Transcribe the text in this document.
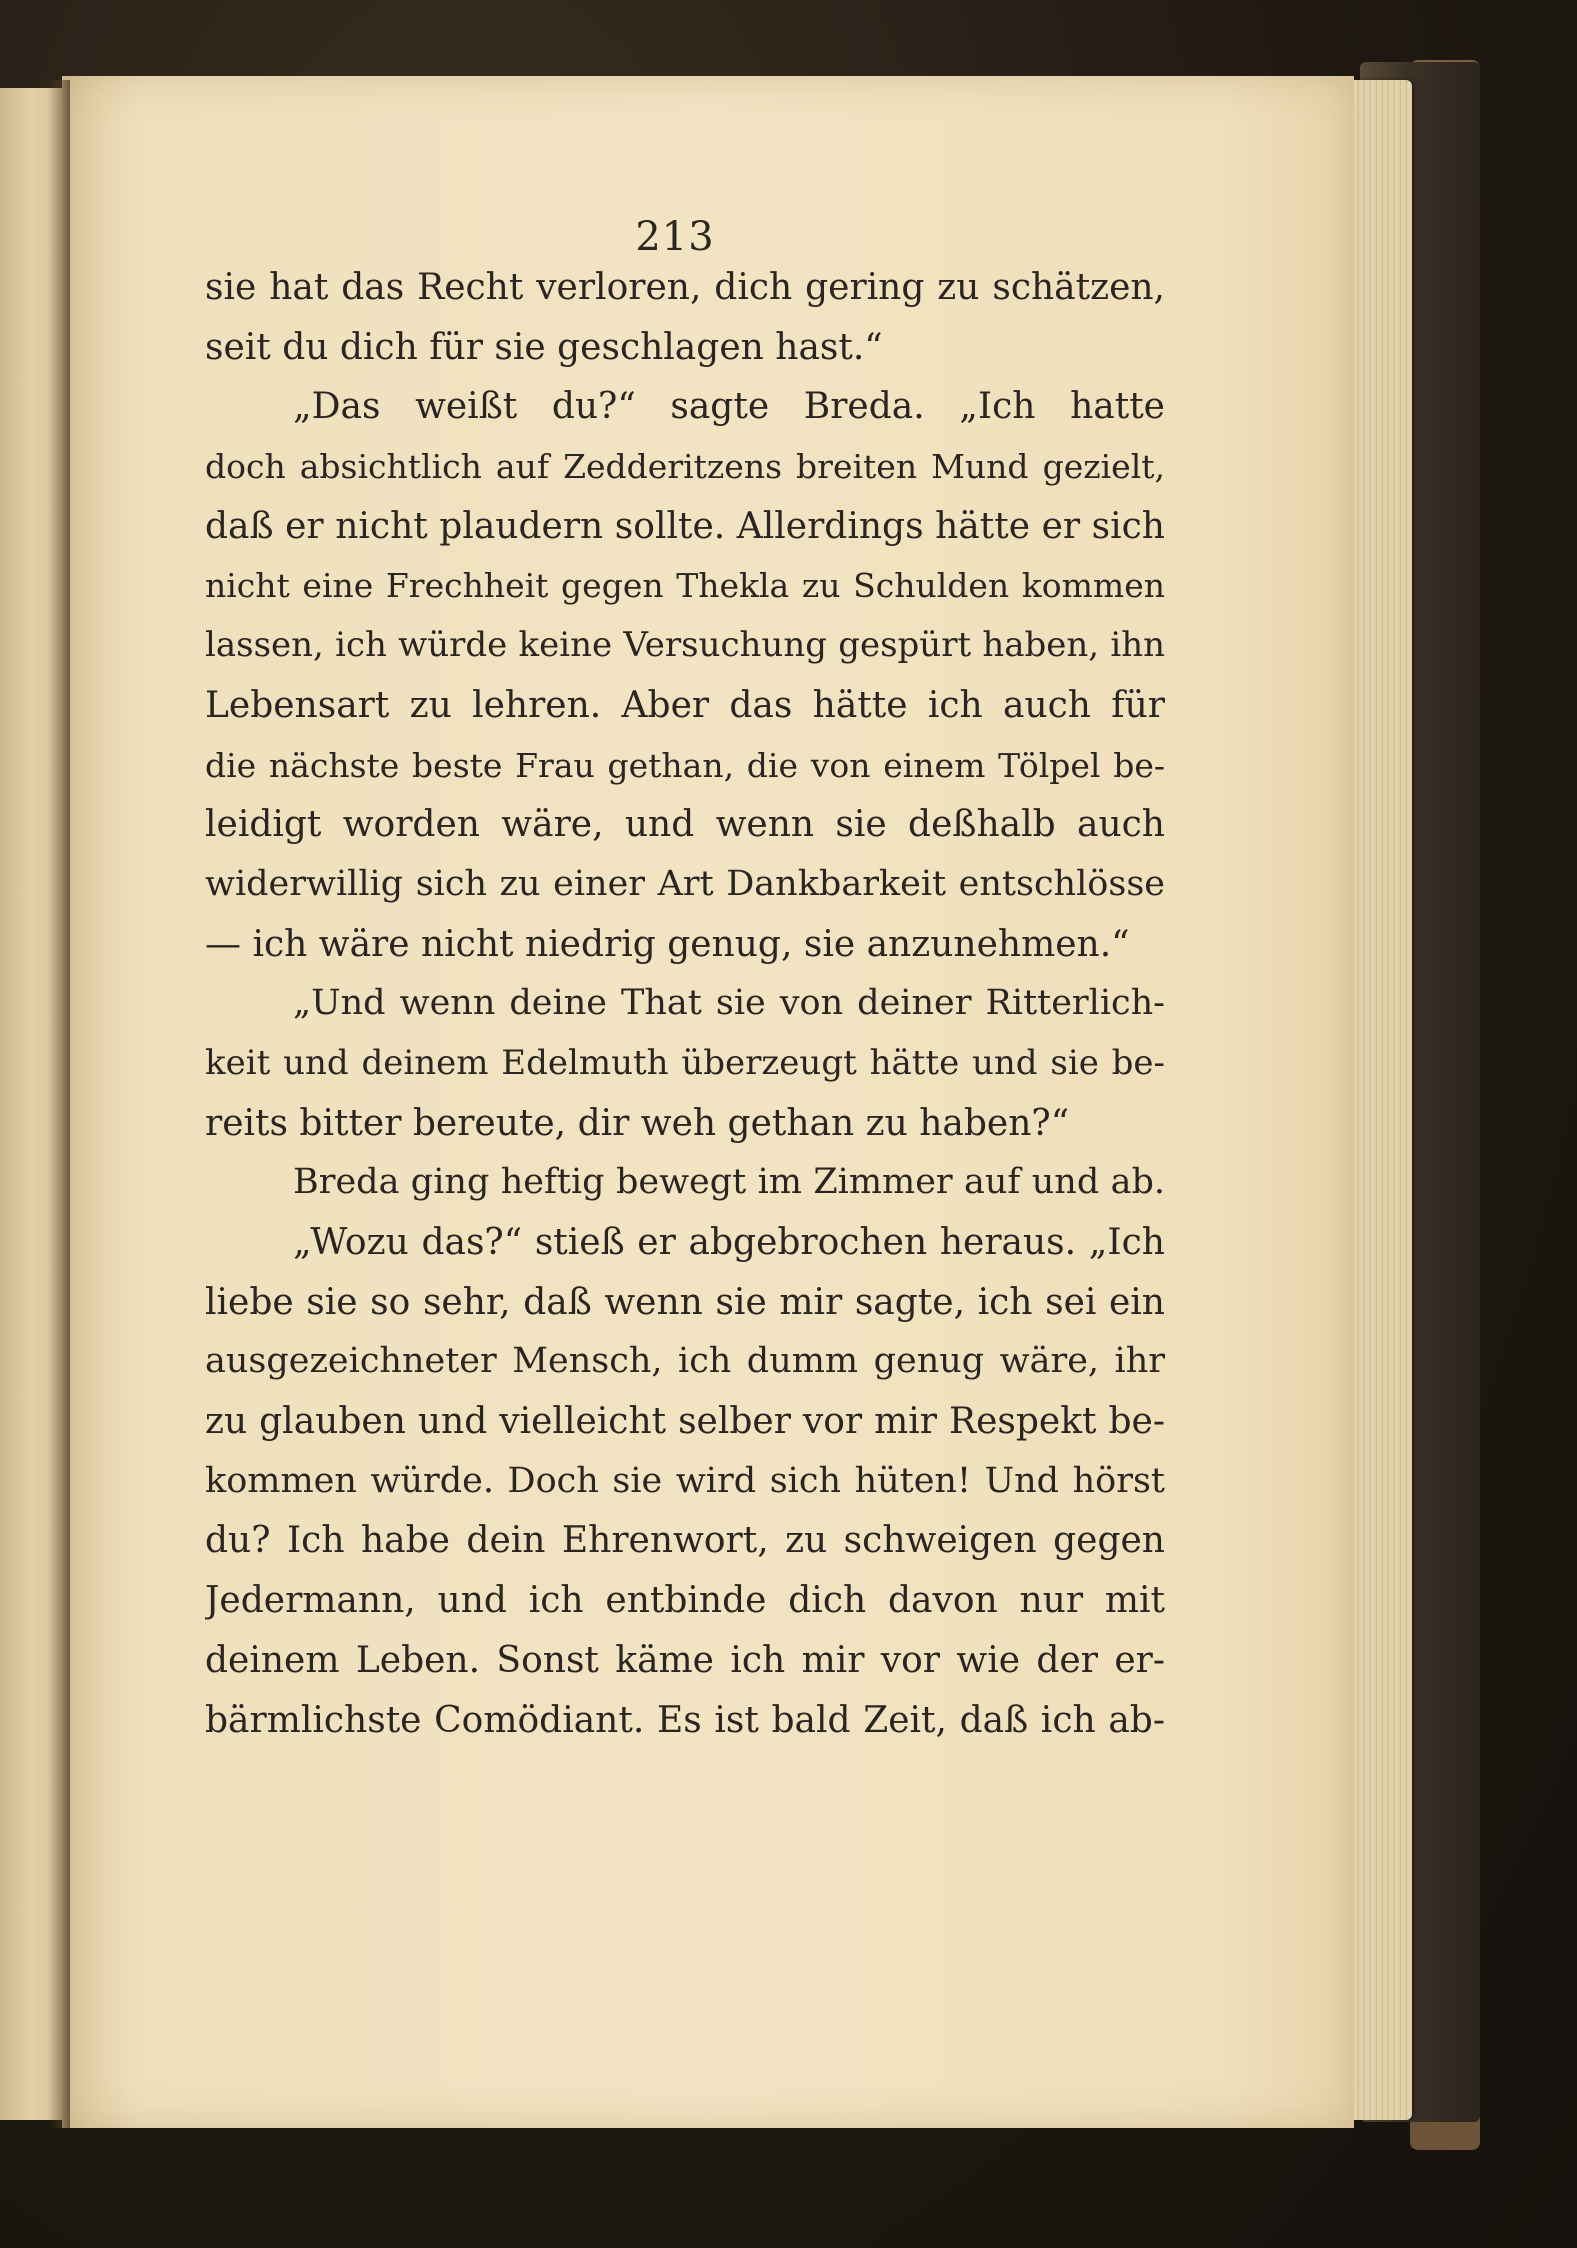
213
sie hat das Recht verloren, dich gering zu schätzen,
seit du dich für sie geschlagen hast.“
„Das weißt du?“ sagte Breda. „Ich hatte
doch absichtlich auf Zedderitzens breiten Mund gezielt,
daß er nicht plaudern sollte. Allerdings hätte er sich
nicht eine Frechheit gegen Thekla zu Schulden kommen
lassen, ich würde keine Versuchung gespürt haben, ihn
Lebensart zu lehren. Aber das hätte ich auch für
die nächste beste Frau gethan, die von einem Tölpel be-
leidigt worden wäre, und wenn sie deßhalb auch
widerwillig sich zu einer Art Dankbarkeit entschlösse
— ich wäre nicht niedrig genug, sie anzunehmen.“
„Und wenn deine That sie von deiner Ritterlich-
keit und deinem Edelmuth überzeugt hätte und sie be-
reits bitter bereute, dir weh gethan zu haben?“
Breda ging heftig bewegt im Zimmer auf und ab.
„Wozu das?“ stieß er abgebrochen heraus. „Ich
liebe sie so sehr, daß wenn sie mir sagte, ich sei ein
ausgezeichneter Mensch, ich dumm genug wäre, ihr
zu glauben und vielleicht selber vor mir Respekt be-
kommen würde. Doch sie wird sich hüten! Und hörst
du? Ich habe dein Ehrenwort, zu schweigen gegen
Jedermann, und ich entbinde dich davon nur mit
deinem Leben. Sonst käme ich mir vor wie der er-
bärmlichste Comödiant. Es ist bald Zeit, daß ich ab-
